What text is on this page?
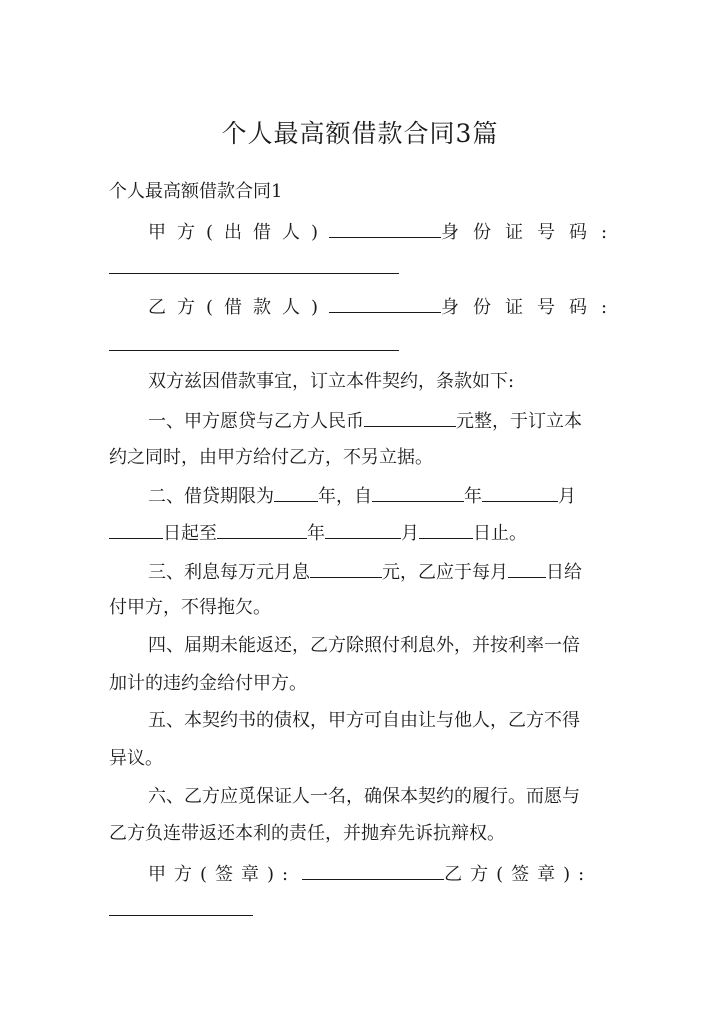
个人最高额借款合同3篇
个人最高额借款合同1
甲方(出借人)	身份证号码:
乙方(借款人)	身份证号码:
双方兹因借款事宜，订立本件契约，条款如下:
一、甲方愿贷与乙方人民币	元整，于订立本
约之同时，由甲方给付乙方，不另立据。
二、借贷期限为 年，自	年	月
日起至	年	月	日止。
三、利息每万元月息	元，乙应于每月 日给
付甲方，不得拖欠。
四、届期未能返还，乙方除照付利息外，并按利率一倍
加计的违约金给付甲方。
五、本契约书的债权，甲方可自由让与他人，乙方不得
异议。
六、乙方应觅保证人一名，确保本契约的履行。而愿与
乙方负连带返还本利的责任，并抛弃先诉抗辩权。
甲方(签章):	乙方(签章):
